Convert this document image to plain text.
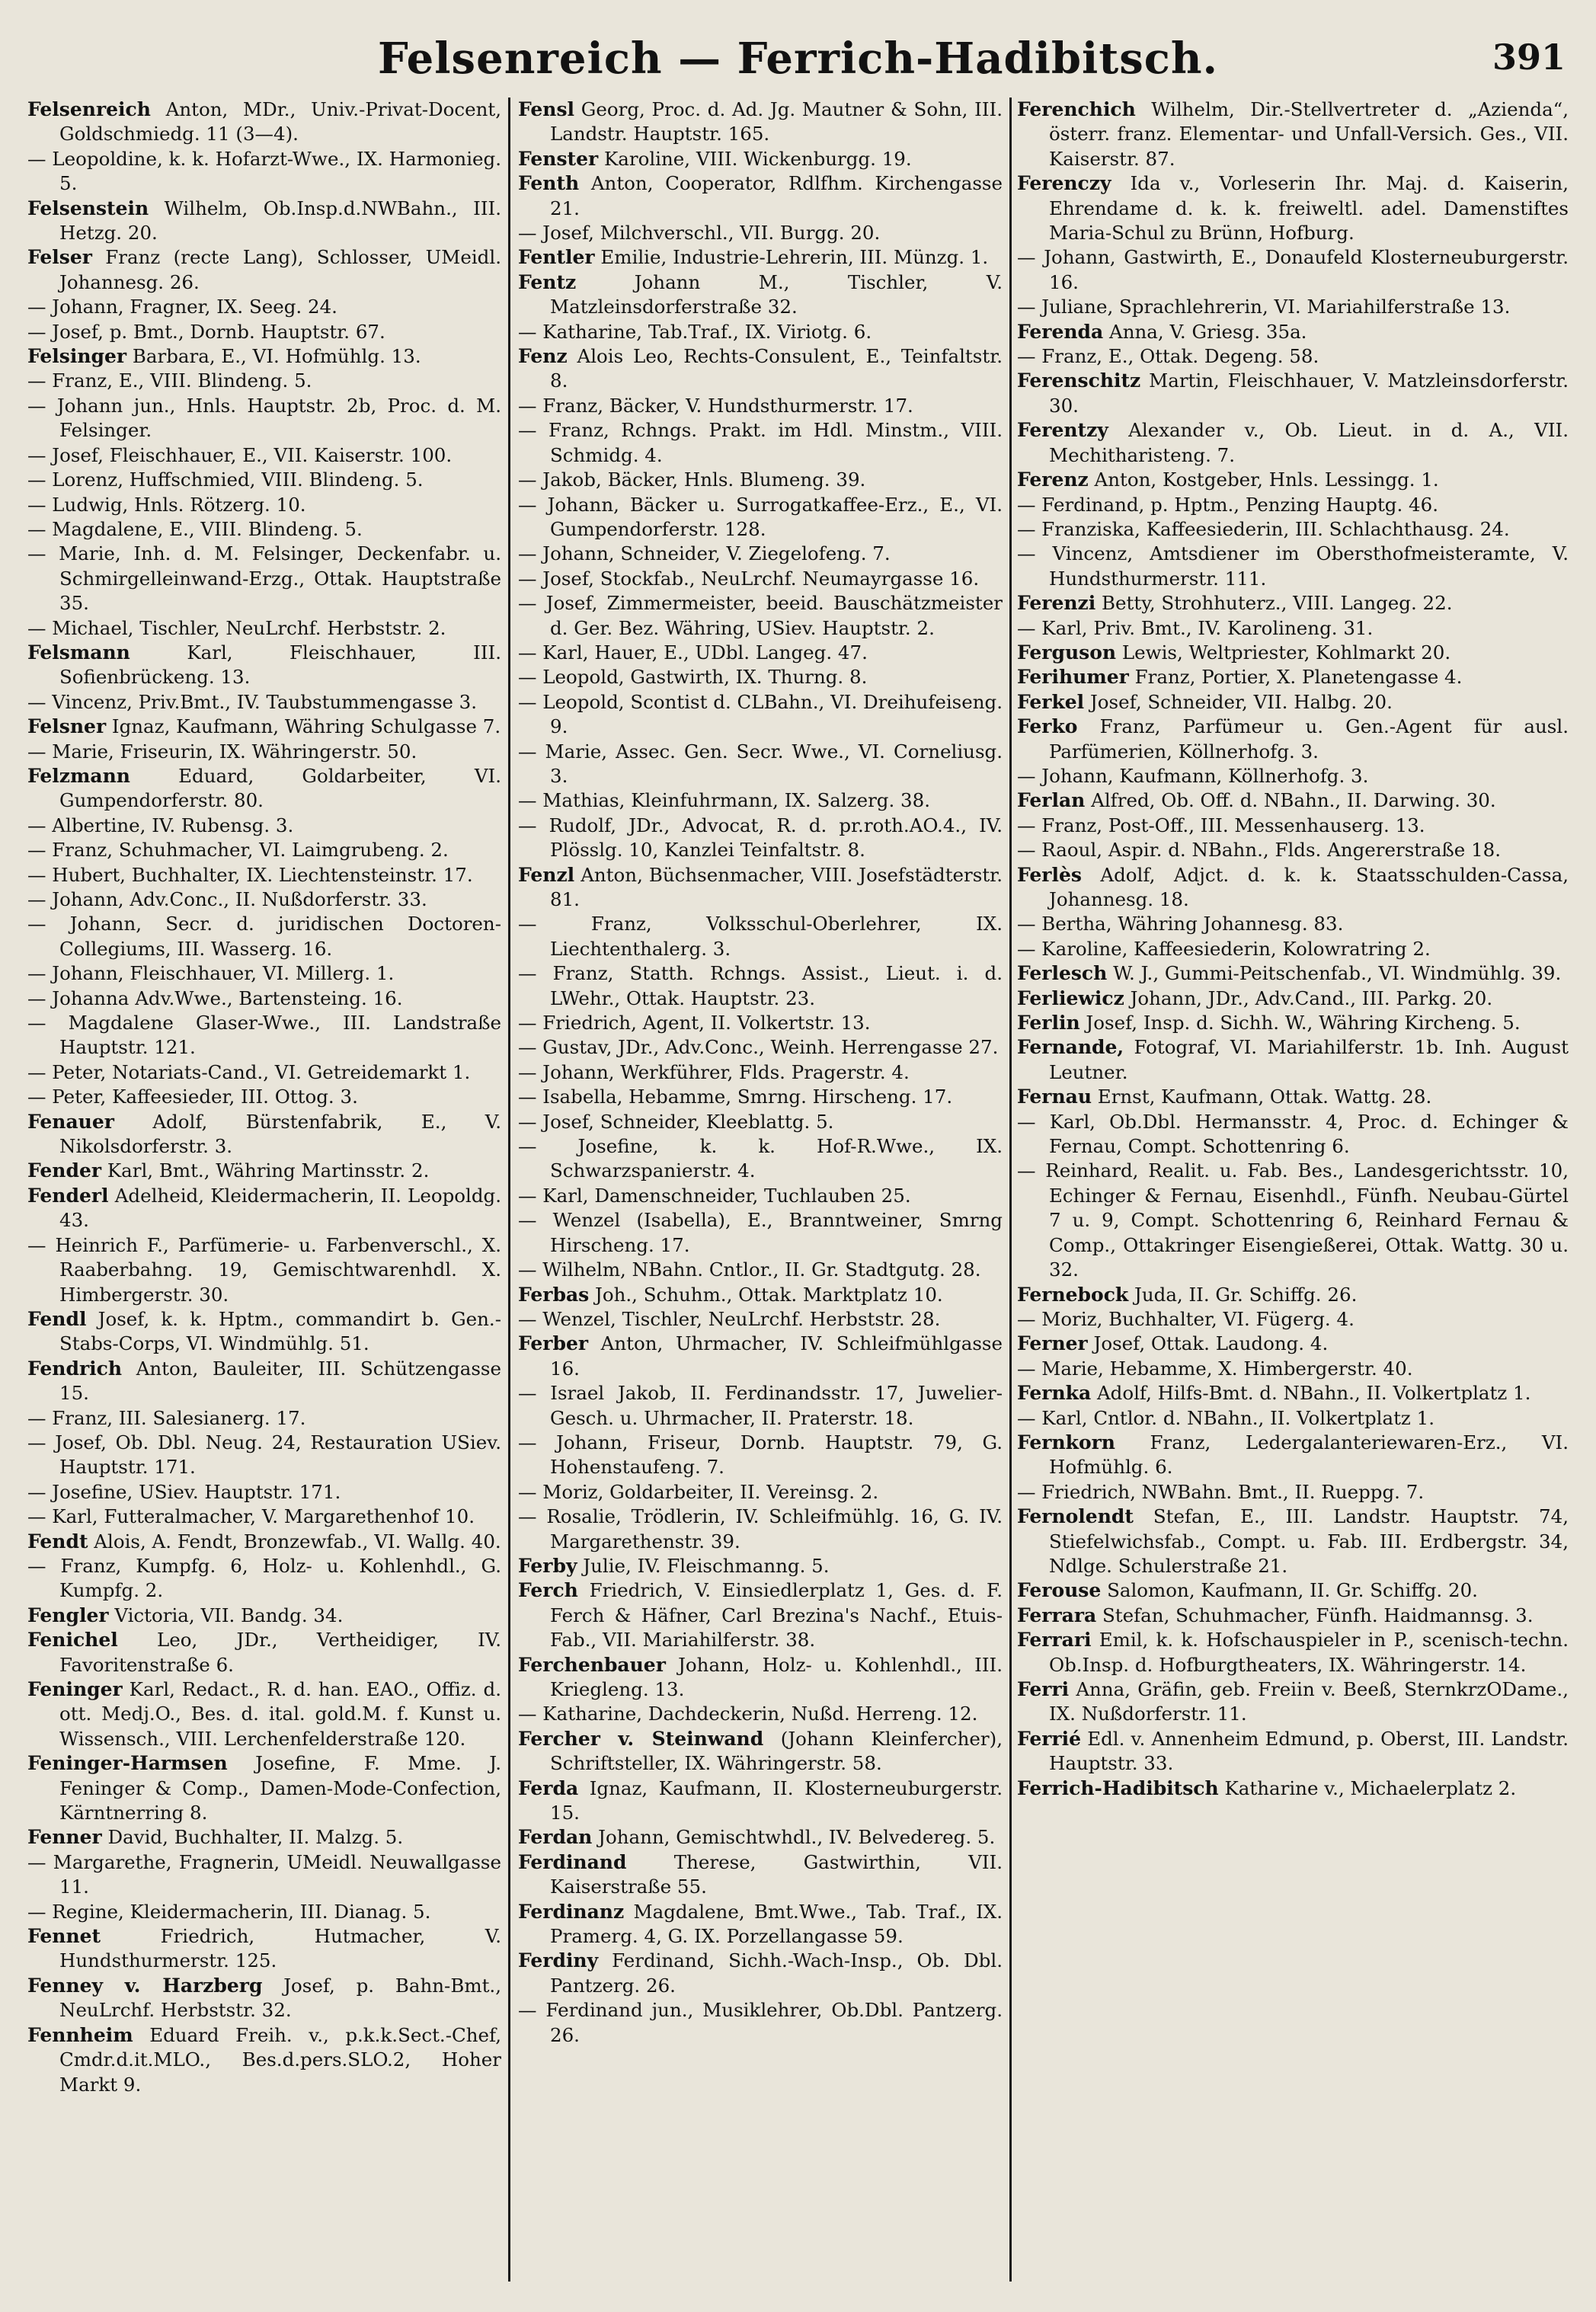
Felsenreich — Ferrich-Hadibitsch.	391
Felsenreich Anton, MDr., Univ.-Privat-Docent, Goldschmiedg. 11 (3—4).
— Leopoldine, k. k. Hofarzt-Wwe., IX. Harmonieg. 5.
Felsenstein Wilhelm, Ob.Insp.d.NWBahn., III. Hetzg. 20.
Felser Franz (recte Lang), Schlosser, UMeidl. Johannesg. 26.
— Johann, Fragner, IX. Seeg. 24.
— Josef, p. Bmt., Dornb. Hauptstr. 67.
Felsinger Barbara, E., VI. Hofmühlg. 13.
— Franz, E., VIII. Blindeng. 5.
— Johann jun., Hnls. Hauptstr. 2b, Proc. d. M. Felsinger.
— Josef, Fleischhauer, E., VII. Kaiserstr. 100.
— Lorenz, Huffschmied, VIII. Blindeng. 5.
— Ludwig, Hnls. Rötzerg. 10.
— Magdalene, E., VIII. Blindeng. 5.
— Marie, Inh. d. M. Felsinger, Deckenfabr. u. Schmirgelleinwand-Erzg., Ottak. Hauptstraße 35.
— Michael, Tischler, NeuLrchf. Herbststr. 2.
Felsmann Karl, Fleischhauer, III. Sofienbrückeng. 13.
— Vincenz, Priv.Bmt., IV. Taubstummengasse 3.
Felsner Ignaz, Kaufmann, Währing Schulgasse 7.
— Marie, Friseurin, IX. Währingerstr. 50.
Felzmann Eduard, Goldarbeiter, VI. Gumpendorferstr. 80.
— Albertine, IV. Rubensg. 3.
— Franz, Schuhmacher, VI. Laimgrubeng. 2.
— Hubert, Buchhalter, IX. Liechtensteinstr. 17.
— Johann, Adv.Conc., II. Nußdorferstr. 33.
— Johann, Secr. d. juridischen Doctoren-Collegiums, III. Wasserg. 16.
— Johann, Fleischhauer, VI. Millerg. 1.
— Johanna Adv.Wwe., Bartensteing. 16.
— Magdalene Glaser-Wwe., III. Landstraße Hauptstr. 121.
— Peter, Notariats-Cand., VI. Getreidemarkt 1.
— Peter, Kaffeesieder, III. Ottog. 3.
Fenauer Adolf, Bürstenfabrik, E., V. Nikolsdorferstr. 3.
Fender Karl, Bmt., Währing Martinsstr. 2.
Fenderl Adelheid, Kleidermacherin, II. Leopoldg. 43.
— Heinrich F., Parfümerie- u. Farbenverschl., X. Raaberbahng. 19, Gemischtwarenhdl. X. Himbergerstr. 30.
Fendl Josef, k. k. Hptm., commandirt b. Gen.-Stabs-Corps, VI. Windmühlg. 51.
Fendrich Anton, Bauleiter, III. Schützengasse 15.
— Franz, III. Salesianerg. 17.
— Josef, Ob. Dbl. Neug. 24, Restauration USiev. Hauptstr. 171.
— Josefine, USiev. Hauptstr. 171.
— Karl, Futteralmacher, V. Margarethenhof 10.
Fendt Alois, A. Fendt, Bronzewfab., VI. Wallg. 40.
— Franz, Kumpfg. 6, Holz- u. Kohlenhdl., G. Kumpfg. 2.
Fengler Victoria, VII. Bandg. 34.
Fenichel Leo, JDr., Vertheidiger, IV. Favoritenstraße 6.
Feninger Karl, Redact., R. d. han. EAO., Offiz. d. ott. Medj.O., Bes. d. ital. gold.M. f. Kunst u. Wissensch., VIII. Lerchenfelderstraße 120.
Feninger-Harmsen Josefine, F. Mme. J. Feninger & Comp., Damen-Mode-Confection, Kärntnerring 8.
Fenner David, Buchhalter, II. Malzg. 5.
— Margarethe, Fragnerin, UMeidl. Neuwallgasse 11.
— Regine, Kleidermacherin, III. Dianag. 5.
Fennet Friedrich, Hutmacher, V. Hundsthurmerstr. 125.
Fenney v. Harzberg Josef, p. Bahn-Bmt., NeuLrchf. Herbststr. 32.
Fennheim Eduard Freih. v., p.k.k.Sect.-Chef, Cmdr.d.it.MLO., Bes.d.pers.SLO.2, Hoher Markt 9.
Fensl Georg, Proc. d. Ad. Jg. Mautner & Sohn, III. Landstr. Hauptstr. 165.
Fenster Karoline, VIII. Wickenburgg. 19.
Fenth Anton, Cooperator, Rdlfhm. Kirchengasse 21.
— Josef, Milchverschl., VII. Burgg. 20.
Fentler Emilie, Industrie-Lehrerin, III. Münzg. 1.
Fentz Johann M., Tischler, V. Matzleinsdorferstraße 32.
— Katharine, Tab.Traf., IX. Viriotg. 6.
Fenz Alois Leo, Rechts-Consulent, E., Teinfaltstr. 8.
— Franz, Bäcker, V. Hundsthurmerstr. 17.
— Franz, Rchngs. Prakt. im Hdl. Minstm., VIII. Schmidg. 4.
— Jakob, Bäcker, Hnls. Blumeng. 39.
— Johann, Bäcker u. Surrogatkaffee-Erz., E., VI. Gumpendorferstr. 128.
— Johann, Schneider, V. Ziegelofeng. 7.
— Josef, Stockfab., NeuLrchf. Neumayrgasse 16.
— Josef, Zimmermeister, beeid. Bauschätzmeister d. Ger. Bez. Währing, USiev. Hauptstr. 2.
— Karl, Hauer, E., UDbl. Langeg. 47.
— Leopold, Gastwirth, IX. Thurng. 8.
— Leopold, Scontist d. CLBahn., VI. Dreihufeiseng. 9.
— Marie, Assec. Gen. Secr. Wwe., VI. Corneliusg. 3.
— Mathias, Kleinfuhrmann, IX. Salzerg. 38.
— Rudolf, JDr., Advocat, R. d. pr.roth.AO.4., IV. Plösslg. 10, Kanzlei Teinfaltstr. 8.
Fenzl Anton, Büchsenmacher, VIII. Josefstädterstr. 81.
— Franz, Volksschul-Oberlehrer, IX. Liechtenthalerg. 3.
— Franz, Statth. Rchngs. Assist., Lieut. i. d. LWehr., Ottak. Hauptstr. 23.
— Friedrich, Agent, II. Volkertstr. 13.
— Gustav, JDr., Adv.Conc., Weinh. Herrengasse 27.
— Johann, Werkführer, Flds. Pragerstr. 4.
— Isabella, Hebamme, Smrng. Hirscheng. 17.
— Josef, Schneider, Kleeblattg. 5.
— Josefine, k. k. Hof-R.Wwe., IX. Schwarzspanierstr. 4.
— Karl, Damenschneider, Tuchlauben 25.
— Wenzel (Isabella), E., Branntweiner, Smrng Hirscheng. 17.
— Wilhelm, NBahn. Cntlor., II. Gr. Stadtgutg. 28.
Ferbas Joh., Schuhm., Ottak. Marktplatz 10.
— Wenzel, Tischler, NeuLrchf. Herbststr. 28.
Ferber Anton, Uhrmacher, IV. Schleifmühlgasse 16.
— Israel Jakob, II. Ferdinandsstr. 17, Juwelier-Gesch. u. Uhrmacher, II. Praterstr. 18.
— Johann, Friseur, Dornb. Hauptstr. 79, G. Hohenstaufeng. 7.
— Moriz, Goldarbeiter, II. Vereinsg. 2.
— Rosalie, Trödlerin, IV. Schleifmühlg. 16, G. IV. Margarethenstr. 39.
Ferby Julie, IV. Fleischmanng. 5.
Ferch Friedrich, V. Einsiedlerplatz 1, Ges. d. F. Ferch & Häfner, Carl Brezina's Nachf., Etuis-Fab., VII. Mariahilferstr. 38.
Ferchenbauer Johann, Holz- u. Kohlenhdl., III. Kriegleng. 13.
— Katharine, Dachdeckerin, Nußd. Herreng. 12.
Fercher v. Steinwand (Johann Kleinfercher), Schriftsteller, IX. Währingerstr. 58.
Ferda Ignaz, Kaufmann, II. Klosterneuburgerstr. 15.
Ferdan Johann, Gemischtwhdl., IV. Belvedereg. 5.
Ferdinand Therese, Gastwirthin, VII. Kaiserstraße 55.
Ferdinanz Magdalene, Bmt.Wwe., Tab. Traf., IX. Pramerg. 4, G. IX. Porzellangasse 59.
Ferdiny Ferdinand, Sichh.-Wach-Insp., Ob. Dbl. Pantzerg. 26.
— Ferdinand jun., Musiklehrer, Ob.Dbl. Pantzerg. 26.
Ferenchich Wilhelm, Dir.-Stellvertreter d. „Azienda“, österr. franz. Elementar- und Unfall-Versich. Ges., VII. Kaiserstr. 87.
Ferenczy Ida v., Vorleserin Ihr. Maj. d. Kaiserin, Ehrendame d. k. k. freiweltl. adel. Damenstiftes Maria-Schul zu Brünn, Hofburg.
— Johann, Gastwirth, E., Donaufeld Klosterneuburgerstr. 16.
— Juliane, Sprachlehrerin, VI. Mariahilferstraße 13.
Ferenda Anna, V. Griesg. 35a.
— Franz, E., Ottak. Degeng. 58.
Ferenschitz Martin, Fleischhauer, V. Matzleinsdorferstr. 30.
Ferentzy Alexander v., Ob. Lieut. in d. A., VII. Mechitharisteng. 7.
Ferenz Anton, Kostgeber, Hnls. Lessingg. 1.
— Ferdinand, p. Hptm., Penzing Hauptg. 46.
— Franziska, Kaffeesiederin, III. Schlachthausg. 24.
— Vincenz, Amtsdiener im Obersthofmeisteramte, V. Hundsthurmerstr. 111.
Ferenzi Betty, Strohhuterz., VIII. Langeg. 22.
— Karl, Priv. Bmt., IV. Karolineng. 31.
Ferguson Lewis, Weltpriester, Kohlmarkt 20.
Ferihumer Franz, Portier, X. Planetengasse 4.
Ferkel Josef, Schneider, VII. Halbg. 20.
Ferko Franz, Parfümeur u. Gen.-Agent für ausl. Parfümerien, Köllnerhofg. 3.
— Johann, Kaufmann, Köllnerhofg. 3.
Ferlan Alfred, Ob. Off. d. NBahn., II. Darwing. 30.
— Franz, Post-Off., III. Messenhauserg. 13.
— Raoul, Aspir. d. NBahn., Flds. Angererstraße 18.
Ferlès Adolf, Adjct. d. k. k. Staatsschulden-Cassa, Johannesg. 18.
— Bertha, Währing Johannesg. 83.
— Karoline, Kaffeesiederin, Kolowratring 2.
Ferlesch W. J., Gummi-Peitschenfab., VI. Windmühlg. 39.
Ferliewicz Johann, JDr., Adv.Cand., III. Parkg. 20.
Ferlin Josef, Insp. d. Sichh. W., Währing Kircheng. 5.
Fernande, Fotograf, VI. Mariahilferstr. 1b. Inh. August Leutner.
Fernau Ernst, Kaufmann, Ottak. Wattg. 28.
— Karl, Ob.Dbl. Hermansstr. 4, Proc. d. Echinger & Fernau, Compt. Schottenring 6.
— Reinhard, Realit. u. Fab. Bes., Landesgerichtsstr. 10, Echinger & Fernau, Eisenhdl., Fünfh. Neubau-Gürtel 7 u. 9, Compt. Schottenring 6, Reinhard Fernau & Comp., Ottakringer Eisengießerei, Ottak. Wattg. 30 u. 32.
Fernebock Juda, II. Gr. Schiffg. 26.
— Moriz, Buchhalter, VI. Fügerg. 4.
Ferner Josef, Ottak. Laudong. 4.
— Marie, Hebamme, X. Himbergerstr. 40.
Fernka Adolf, Hilfs-Bmt. d. NBahn., II. Volkertplatz 1.
— Karl, Cntlor. d. NBahn., II. Volkertplatz 1.
Fernkorn Franz, Ledergalanteriewaren-Erz., VI. Hofmühlg. 6.
— Friedrich, NWBahn. Bmt., II. Rueppg. 7.
Fernolendt Stefan, E., III. Landstr. Hauptstr. 74, Stiefelwichsfab., Compt. u. Fab. III. Erdbergstr. 34, Ndlge. Schulerstraße 21.
Ferouse Salomon, Kaufmann, II. Gr. Schiffg. 20.
Ferrara Stefan, Schuhmacher, Fünfh. Haidmannsg. 3.
Ferrari Emil, k. k. Hofschauspieler in P., scenisch-techn. Ob.Insp. d. Hofburgtheaters, IX. Währingerstr. 14.
Ferri Anna, Gräfin, geb. Freiin v. Beeß, SternkrzODame., IX. Nußdorferstr. 11.
Ferrié Edl. v. Annenheim Edmund, p. Oberst, III. Landstr. Hauptstr. 33.
Ferrich-Hadibitsch Katharine v., Michaelerplatz 2.
